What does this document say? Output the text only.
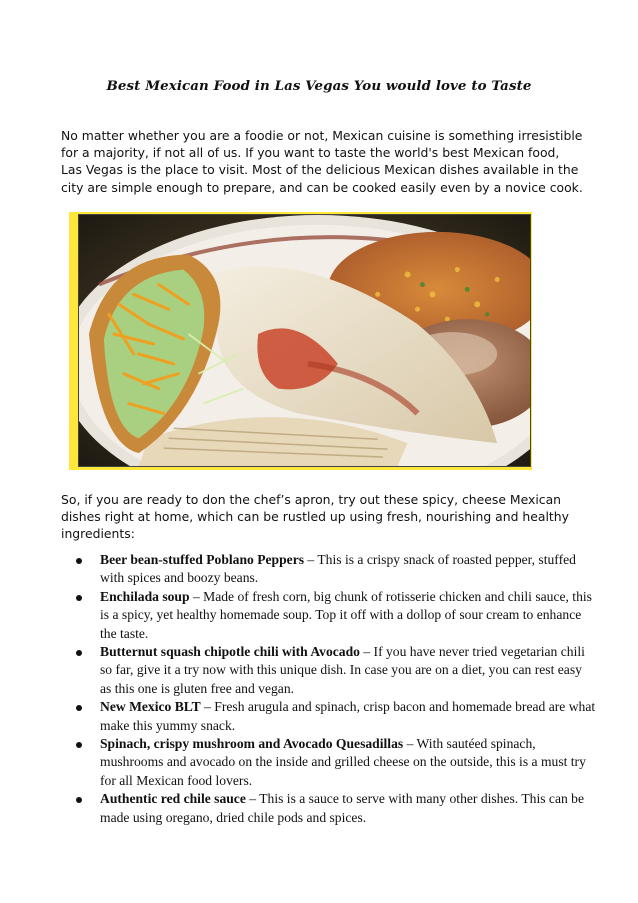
Best Mexican Food in Las Vegas You would love to Taste

No matter whether you are a foodie or not, Mexican cuisine is something irresistible for a majority, if not all of us. If you want to taste the world's best Mexican food, Las Vegas is the place to visit. Most of the delicious Mexican dishes available in the city are simple enough to prepare, and can be cooked easily even by a novice cook.

So, if you are ready to don the chef’s apron, try out these spicy, cheese Mexican dishes right at home, which can be rustled up using fresh, nourishing and healthy ingredients:

Beer bean-stuffed Poblano Peppers – This is a crispy snack of roasted pepper, stuffed with spices and boozy beans.
Enchilada soup – Made of fresh corn, big chunk of rotisserie chicken and chili sauce, this is a spicy, yet healthy homemade soup. Top it off with a dollop of sour cream to enhance the taste.
Butternut squash chipotle chili with Avocado – If you have never tried vegetarian chili so far, give it a try now with this unique dish. In case you are on a diet, you can rest easy as this one is gluten free and vegan.
New Mexico BLT – Fresh arugula and spinach, crisp bacon and homemade bread are what make this yummy snack.
Spinach, crispy mushroom and Avocado Quesadillas – With sautéed spinach, mushrooms and avocado on the inside and grilled cheese on the outside, this is a must try for all Mexican food lovers.
Authentic red chile sauce – This is a sauce to serve with many other dishes. This can be made using oregano, dried chile pods and spices.
